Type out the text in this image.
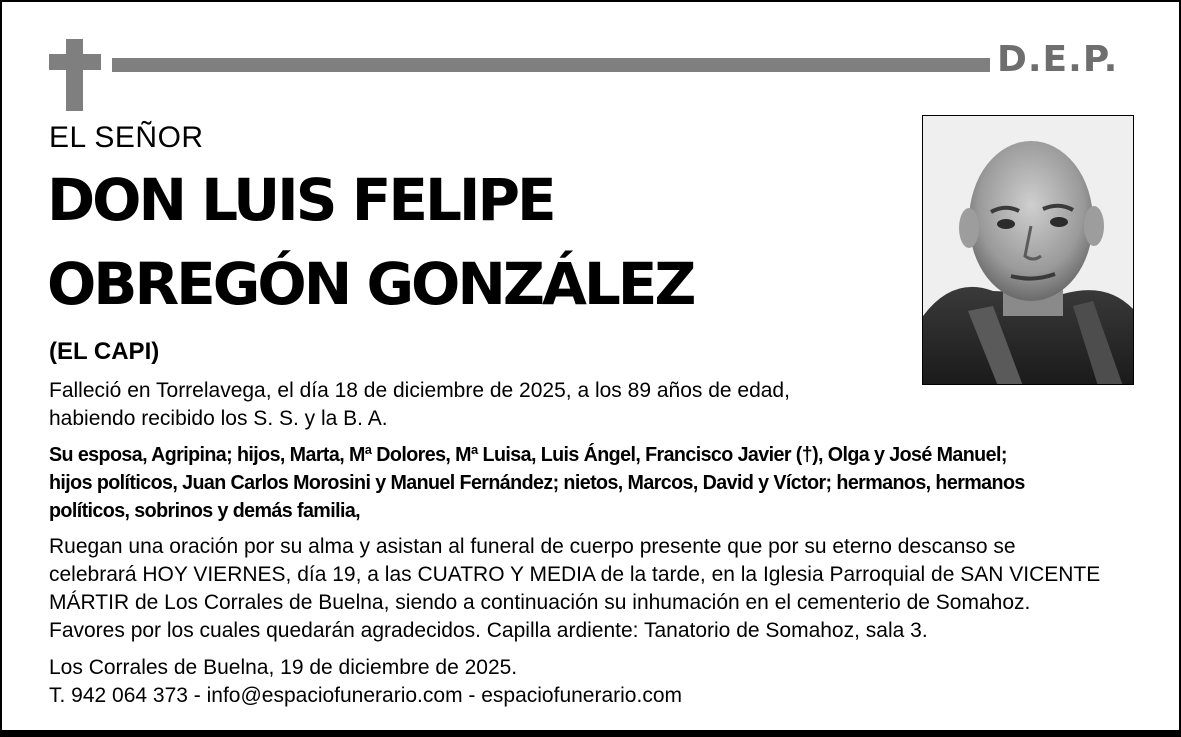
D.E.P.
EL SEÑOR
DON LUIS FELIPE
OBREGÓN GONZÁLEZ
(EL CAPI)
Falleció en Torrelavega, el día 18 de diciembre de 2025, a los 89 años de edad,
habiendo recibido los S. S. y la B. A.
Su esposa, Agripina; hijos, Marta, Mª Dolores, Mª Luisa, Luis Ángel, Francisco Javier (†), Olga y José Manuel;
hijos políticos, Juan Carlos Morosini y Manuel Fernández; nietos, Marcos, David y Víctor; hermanos, hermanos
políticos, sobrinos y demás familia,
Ruegan una oración por su alma y asistan al funeral de cuerpo presente que por su eterno descanso se
celebrará HOY VIERNES, día 19, a las CUATRO Y MEDIA de la tarde, en la Iglesia Parroquial de SAN VICENTE
MÁRTIR de Los Corrales de Buelna, siendo a continuación su inhumación en el cementerio de Somahoz.
Favores por los cuales quedarán agradecidos. Capilla ardiente: Tanatorio de Somahoz, sala 3.
Los Corrales de Buelna, 19 de diciembre de 2025.
T. 942 064 373 - info@espaciofunerario.com - espaciofunerario.com
